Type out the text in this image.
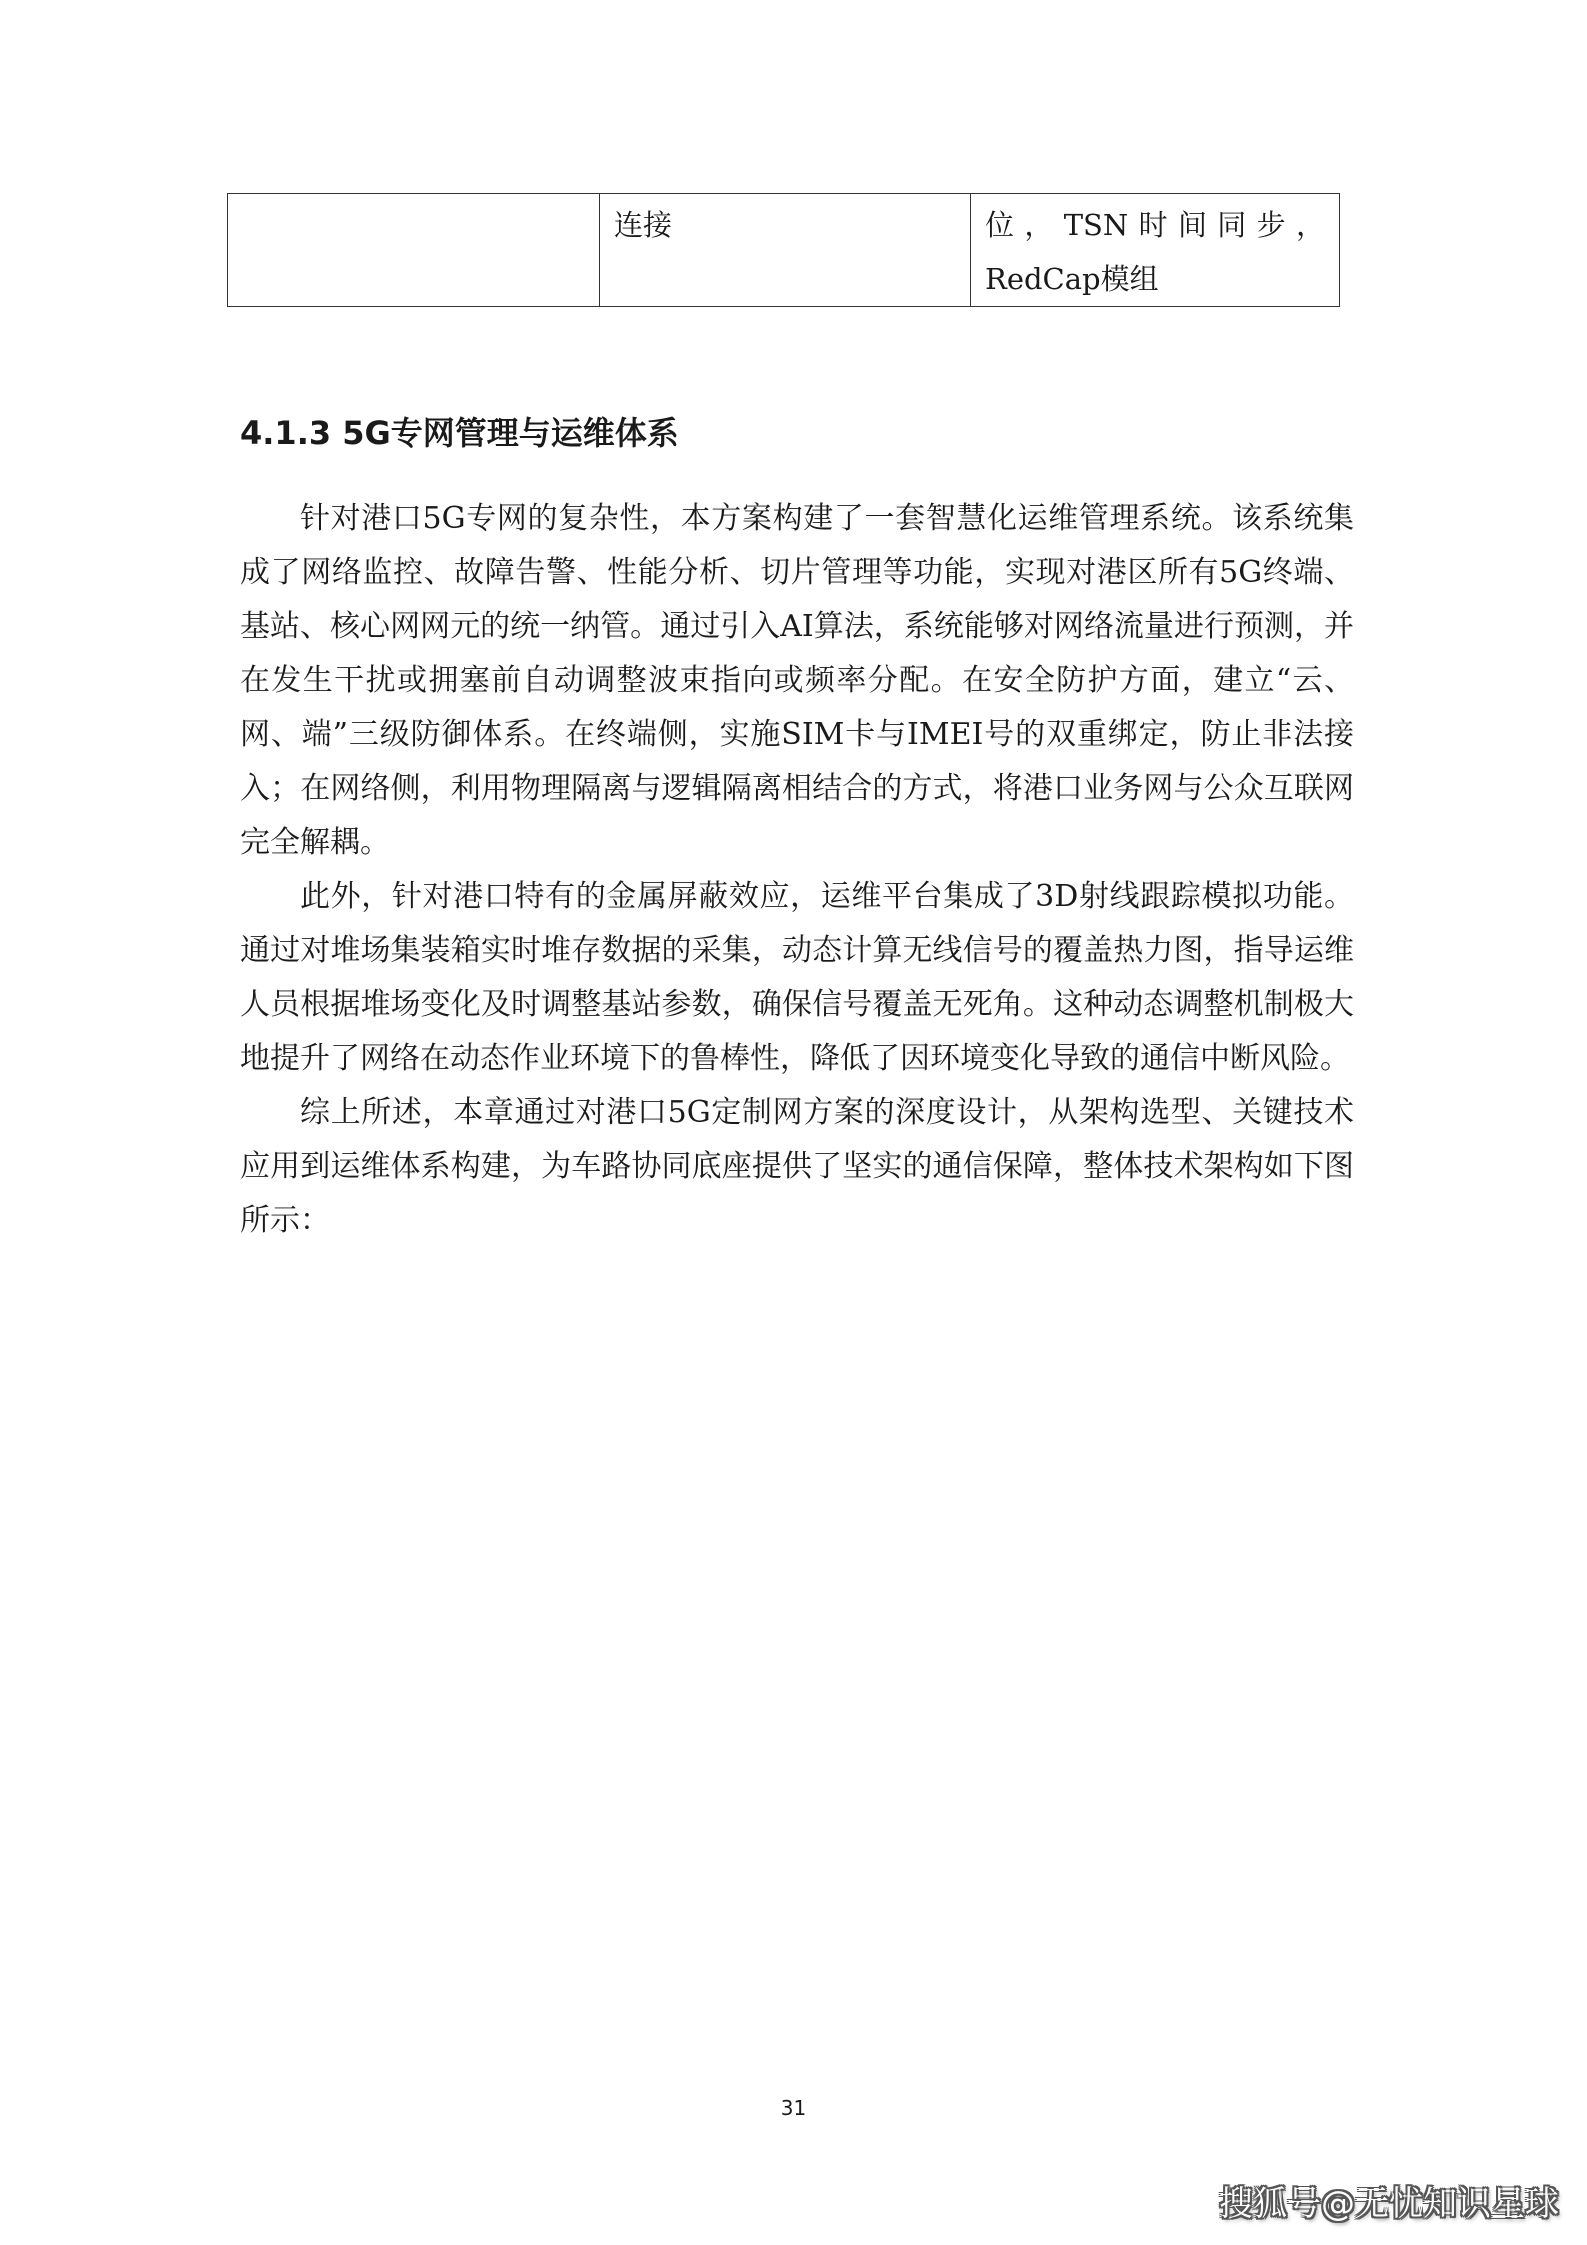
	连接	位，TSN时间同步，RedCap模组
4.1.3 5G专网管理与运维体系

针对港口5G专网的复杂性，本方案构建了一套智慧化运维管理系统。该系统集成了网络监控、故障告警、性能分析、切片管理等功能，实现对港区所有5G终端、基站、核心网网元的统一纳管。通过引入AI算法，系统能够对网络流量进行预测，并在发生干扰或拥塞前自动调整波束指向或频率分配。在安全防护方面，建立“云、网、端”三级防御体系。在终端侧，实施SIM卡与IMEI号的双重绑定，防止非法接入；在网络侧，利用物理隔离与逻辑隔离相结合的方式，将港口业务网与公众互联网完全解耦。

此外，针对港口特有的金属屏蔽效应，运维平台集成了3D射线跟踪模拟功能。通过对堆场集装箱实时堆存数据的采集，动态计算无线信号的覆盖热力图，指导运维人员根据堆场变化及时调整基站参数，确保信号覆盖无死角。这种动态调整机制极大地提升了网络在动态作业环境下的鲁棒性，降低了因环境变化导致的通信中断风险。

综上所述，本章通过对港口5G定制网方案的深度设计，从架构选型、关键技术应用到运维体系构建，为车路协同底座提供了坚实的通信保障，整体技术架构如下图所示：

31
搜狐号@无忧知识星球
